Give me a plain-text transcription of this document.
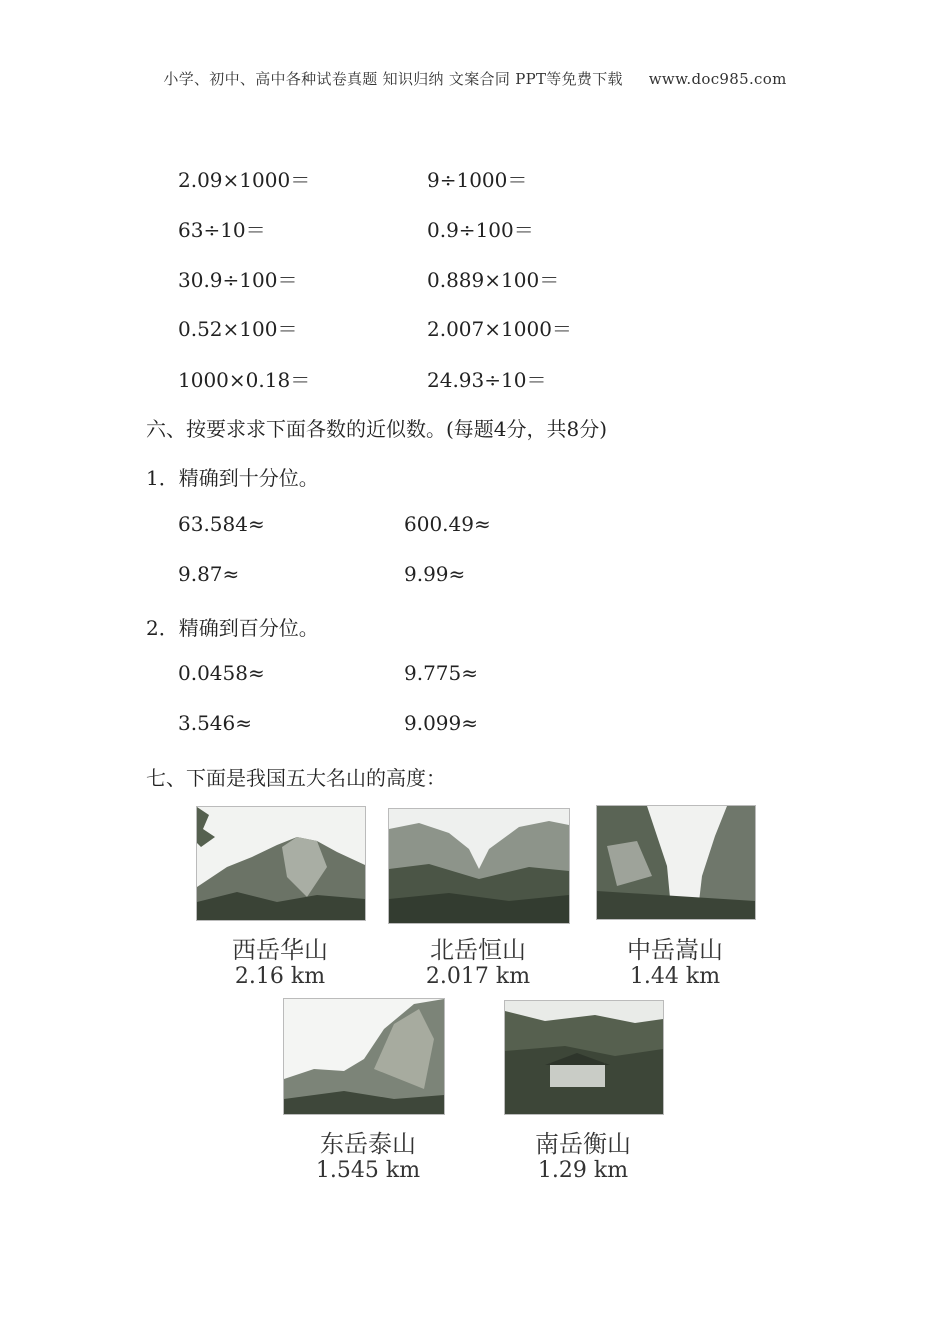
小学、初中、高中各种试卷真题 知识归纳 文案合同 PPT等免费下载 www.doc985.com
2.09×1000＝	9÷1000＝
63÷10＝	0.9÷100＝
30.9÷100＝	0.889×100＝
0.52×100＝	2.007×1000＝
1000×0.18＝	24.93÷10＝
六、按要求求下面各数的近似数。(每题4分，共8分)
1．精确到十分位。
63.584≈	600.49≈
9.87≈	9.99≈
2．精确到百分位。
0.0458≈	9.775≈
3.546≈	9.099≈
七、下面是我国五大名山的高度：
西岳华山
2.16 km
北岳恒山
2.017 km
中岳嵩山
1.44 km
东岳泰山
1.545 km
南岳衡山
1.29 km
